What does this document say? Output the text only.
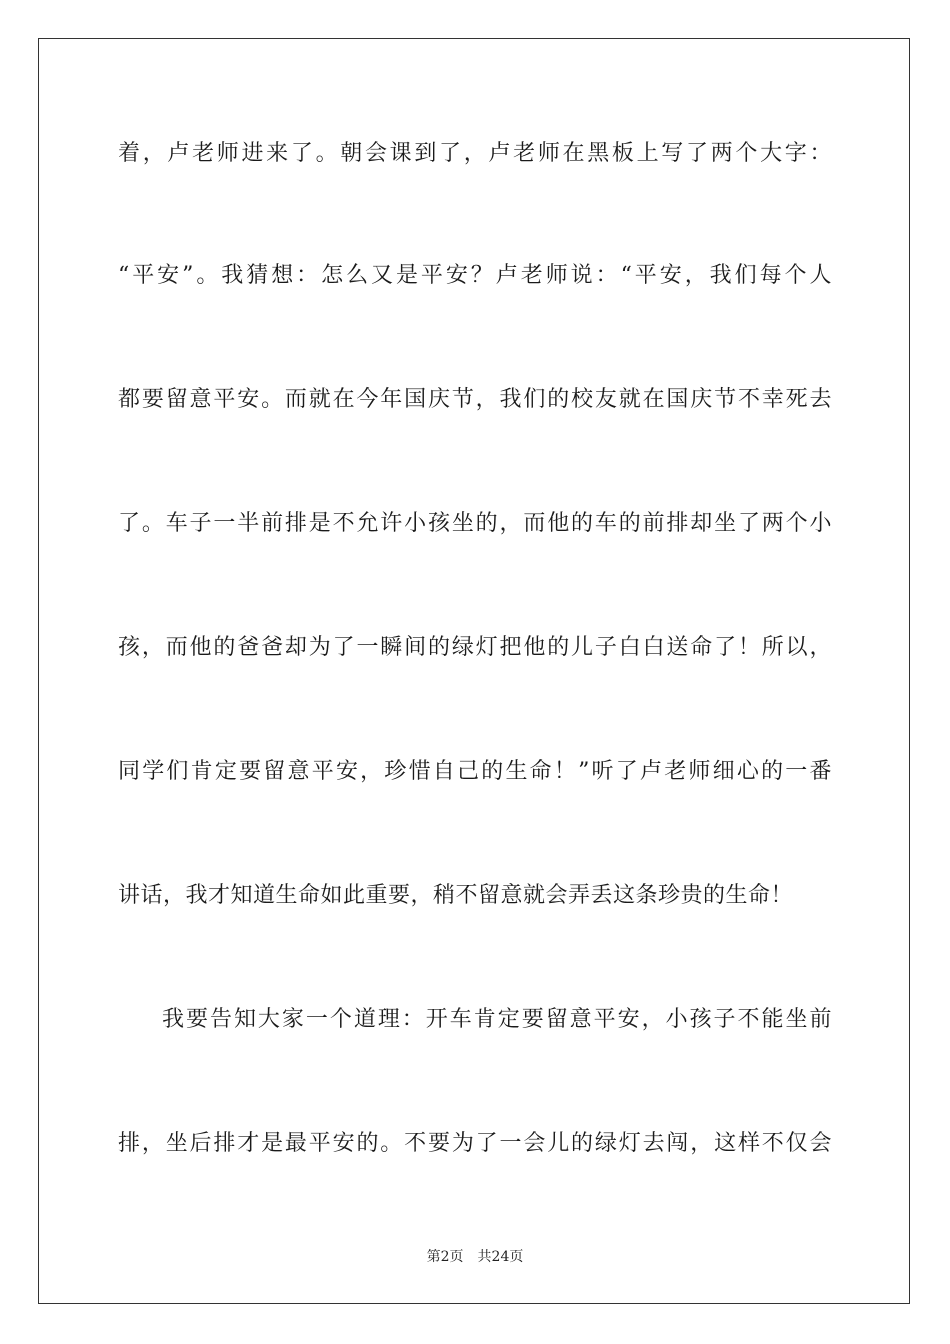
着，卢老师进来了。朝会课到了，卢老师在黑板上写了两个大字：
“平安”。我猜想：怎么又是平安？卢老师说：“平安，我们每个人
都要留意平安。而就在今年国庆节，我们的校友就在国庆节不幸死去
了。车子一半前排是不允许小孩坐的，而他的车的前排却坐了两个小
孩，而他的爸爸却为了一瞬间的绿灯把他的儿子白白送命了！所以，
同学们肯定要留意平安，珍惜自己的生命！”听了卢老师细心的一番
讲话，我才知道生命如此重要，稍不留意就会弄丢这条珍贵的生命！
我要告知大家一个道理：开车肯定要留意平安，小孩子不能坐前
排，坐后排才是最平安的。不要为了一会儿的绿灯去闯，这样不仅会
第2页 共24页
